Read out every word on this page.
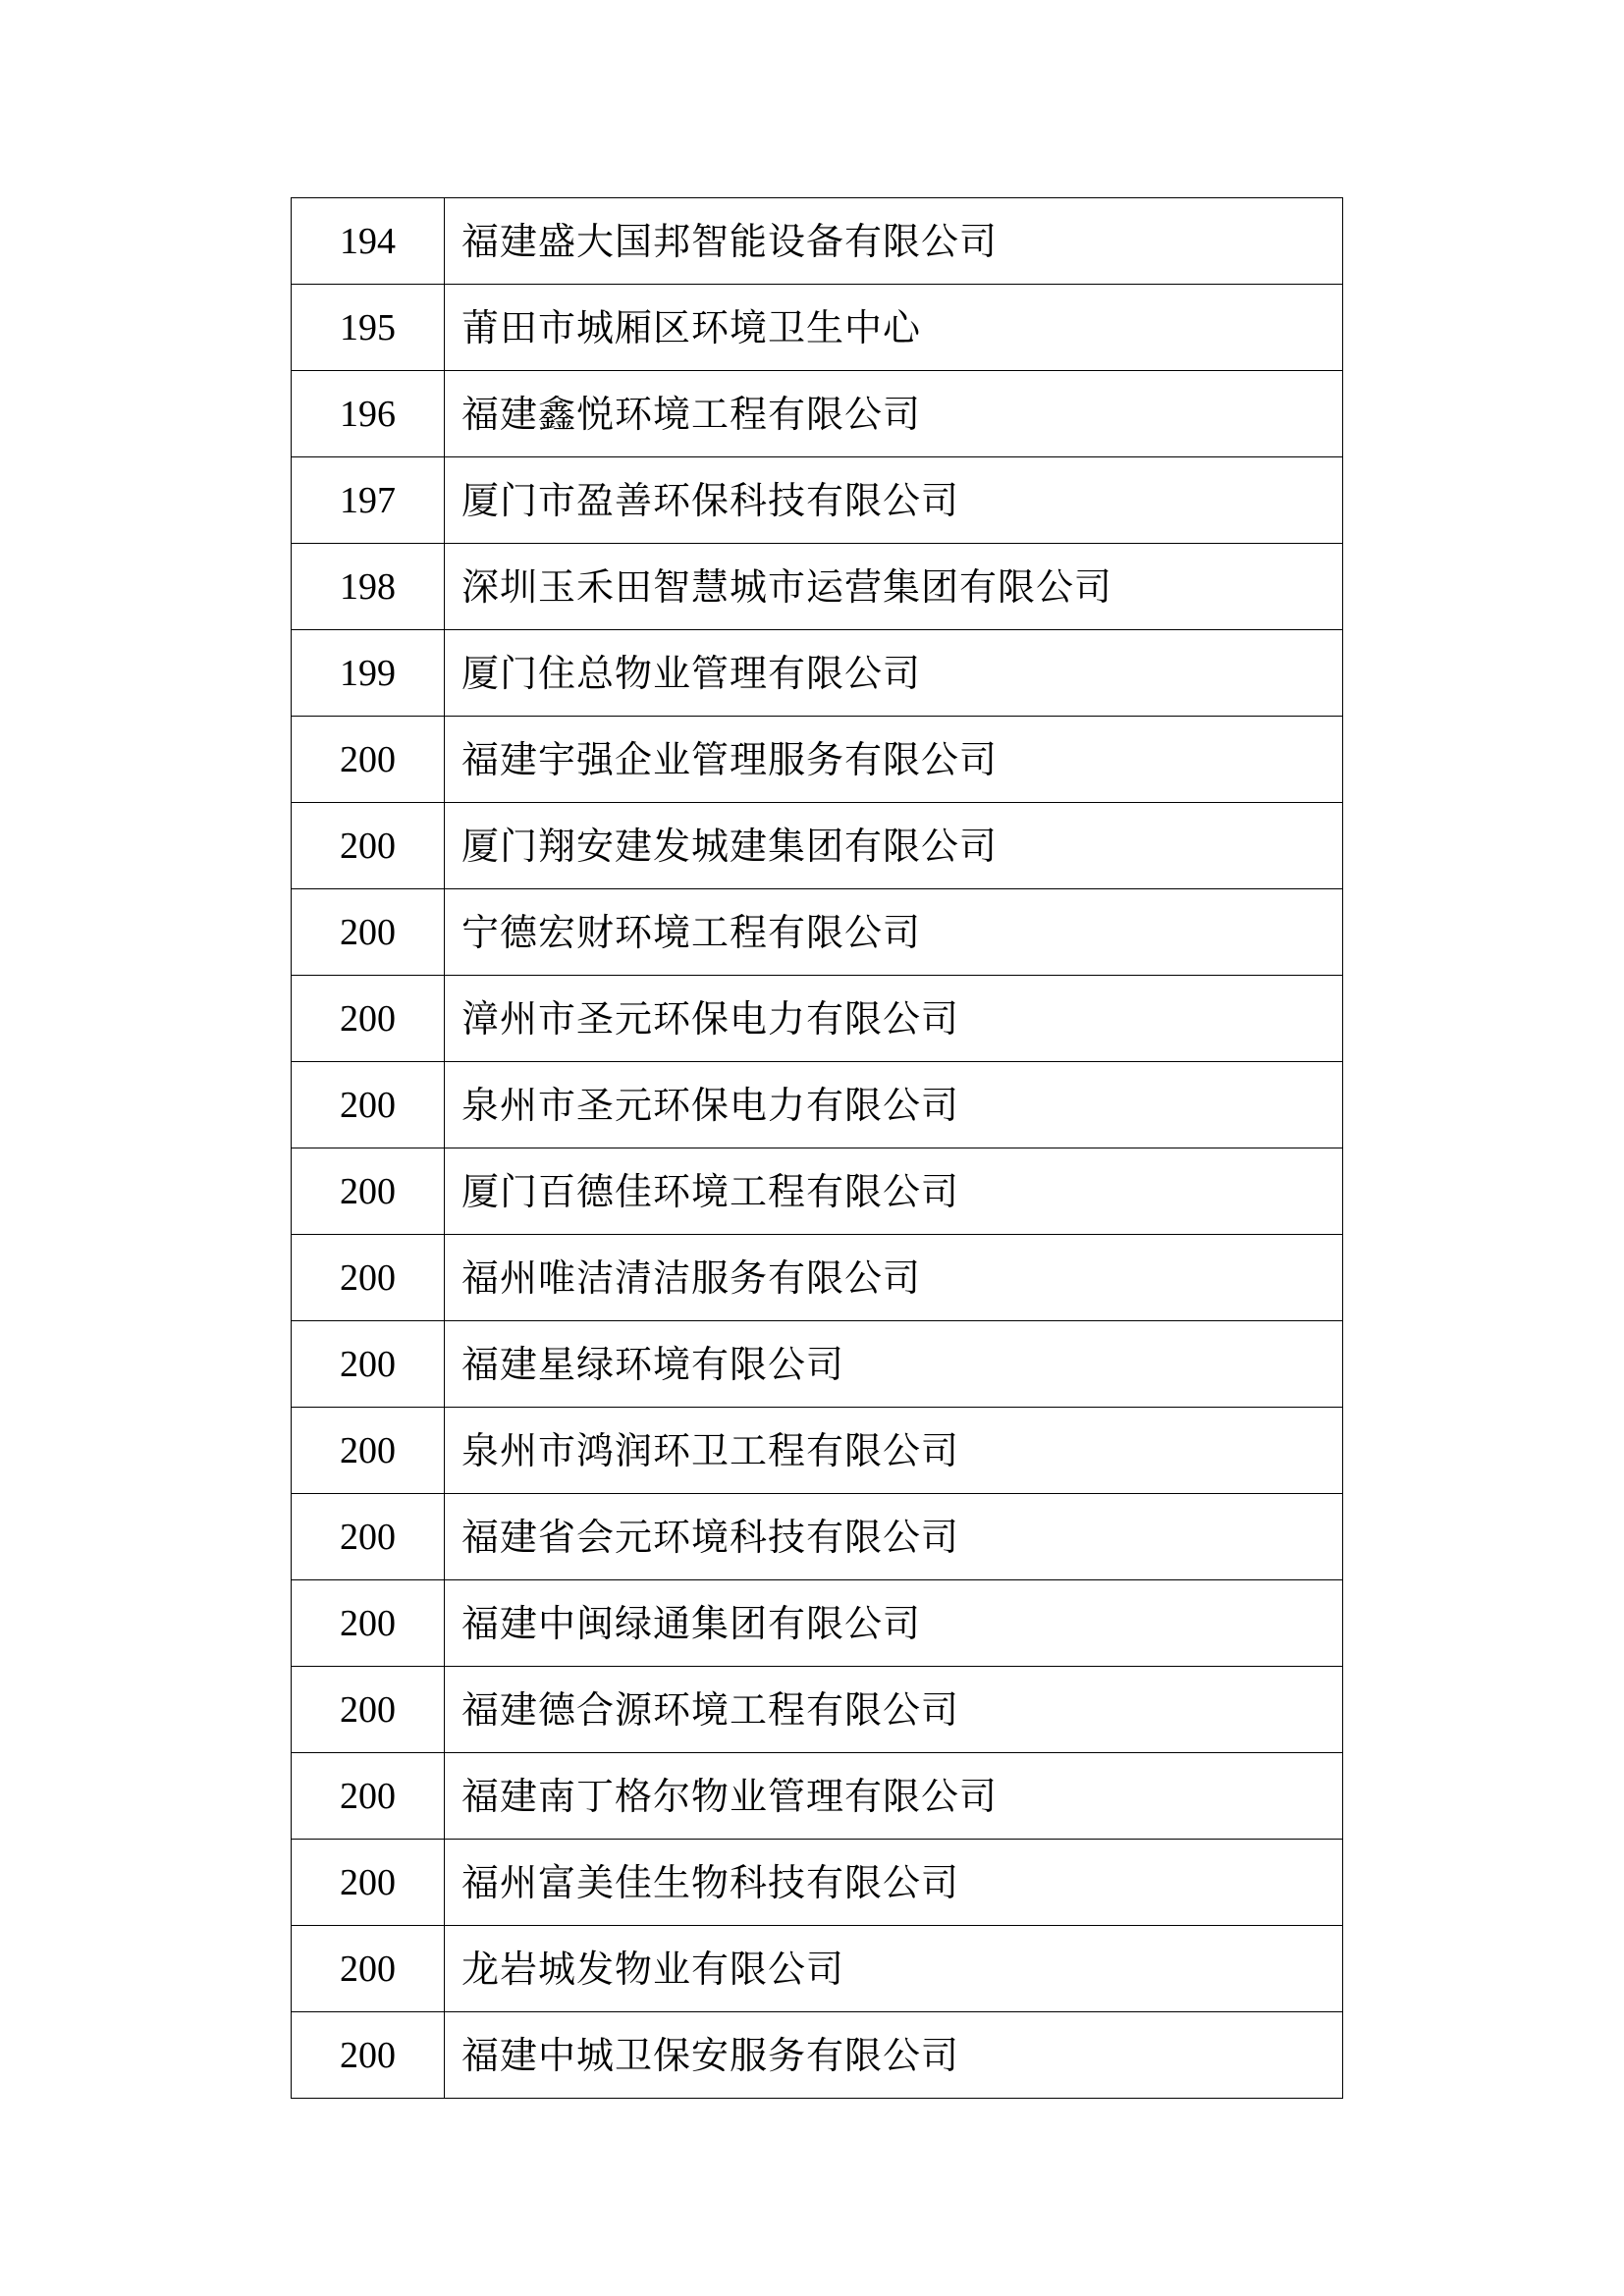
194	福建盛大国邦智能设备有限公司
195	莆田市城厢区环境卫生中心
196	福建鑫悦环境工程有限公司
197	厦门市盈善环保科技有限公司
198	深圳玉禾田智慧城市运营集团有限公司
199	厦门住总物业管理有限公司
200	福建宇强企业管理服务有限公司
200	厦门翔安建发城建集团有限公司
200	宁德宏财环境工程有限公司
200	漳州市圣元环保电力有限公司
200	泉州市圣元环保电力有限公司
200	厦门百德佳环境工程有限公司
200	福州唯洁清洁服务有限公司
200	福建星绿环境有限公司
200	泉州市鸿润环卫工程有限公司
200	福建省会元环境科技有限公司
200	福建中闽绿通集团有限公司
200	福建德合源环境工程有限公司
200	福建南丁格尔物业管理有限公司
200	福州富美佳生物科技有限公司
200	龙岩城发物业有限公司
200	福建中城卫保安服务有限公司
